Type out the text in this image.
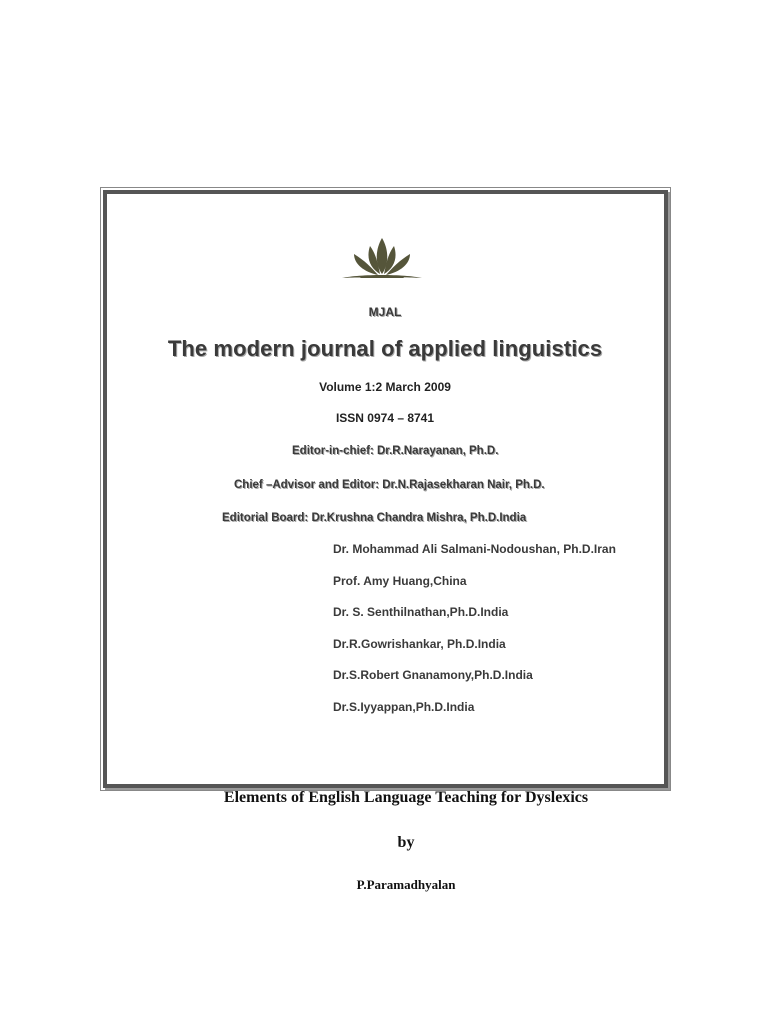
MJAL
The modern journal of applied linguistics
Volume 1:2 March 2009
ISSN 0974 – 8741
Editor-in-chief: Dr.R.Narayanan, Ph.D.
Chief –Advisor and Editor: Dr.N.Rajasekharan Nair, Ph.D.
Editorial Board: Dr.Krushna Chandra Mishra, Ph.D.India
Dr. Mohammad Ali Salmani-Nodoushan, Ph.D.Iran
Prof. Amy Huang,China
Dr. S. Senthilnathan,Ph.D.India
Dr.R.Gowrishankar, Ph.D.India
Dr.S.Robert Gnanamony,Ph.D.India
Dr.S.Iyyappan,Ph.D.India
Elements of English Language Teaching for Dyslexics
by
P.Paramadhyalan
